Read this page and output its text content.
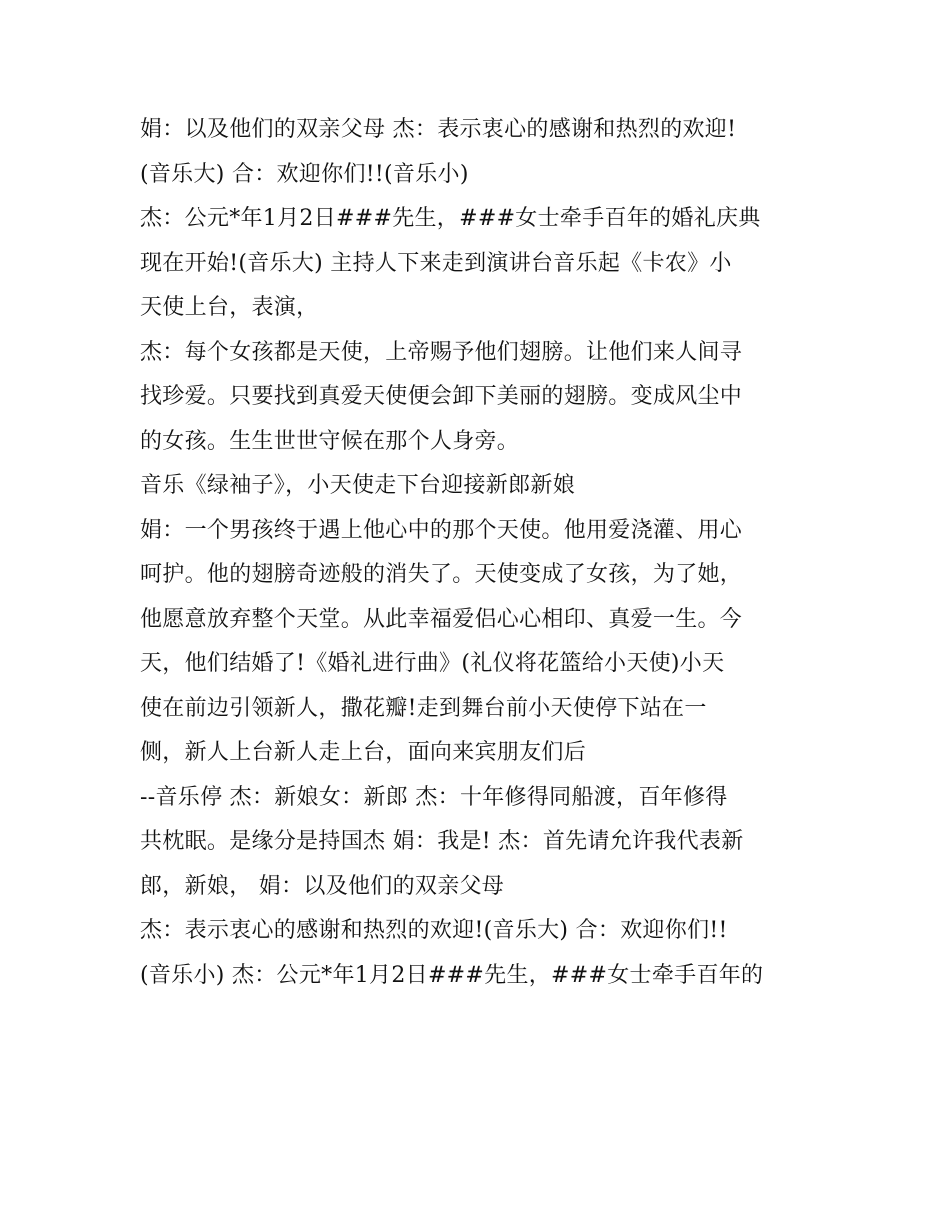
娟：以及他们的双亲父母 杰：表示衷心的感谢和热烈的欢迎!
(音乐大) 合：欢迎你们!!(音乐小)
杰：公元*年1月2日###先生，###女士牵手百年的婚礼庆典
现在开始!(音乐大) 主持人下来走到演讲台音乐起《卡农》小
天使上台，表演，
杰：每个女孩都是天使，上帝赐予他们翅膀。让他们来人间寻
找珍爱。只要找到真爱天使便会卸下美丽的翅膀。变成风尘中
的女孩。生生世世守候在那个人身旁。
音乐《绿袖子》，小天使走下台迎接新郎新娘
娟：一个男孩终于遇上他心中的那个天使。他用爱浇灌、用心
呵护。他的翅膀奇迹般的消失了。天使变成了女孩，为了她，
他愿意放弃整个天堂。从此幸福爱侣心心相印、真爱一生。今
天，他们结婚了!《婚礼进行曲》(礼仪将花篮给小天使)小天
使在前边引领新人，撒花瓣!走到舞台前小天使停下站在一
侧，新人上台新人走上台，面向来宾朋友们后
--音乐停 杰：新娘女：新郎 杰：十年修得同船渡，百年修得
共枕眠。是缘分是持国杰 娟：我是! 杰：首先请允许我代表新
郎，新娘， 娟：以及他们的双亲父母
杰：表示衷心的感谢和热烈的欢迎!(音乐大) 合：欢迎你们!!
(音乐小) 杰：公元*年1月2日###先生，###女士牵手百年的
